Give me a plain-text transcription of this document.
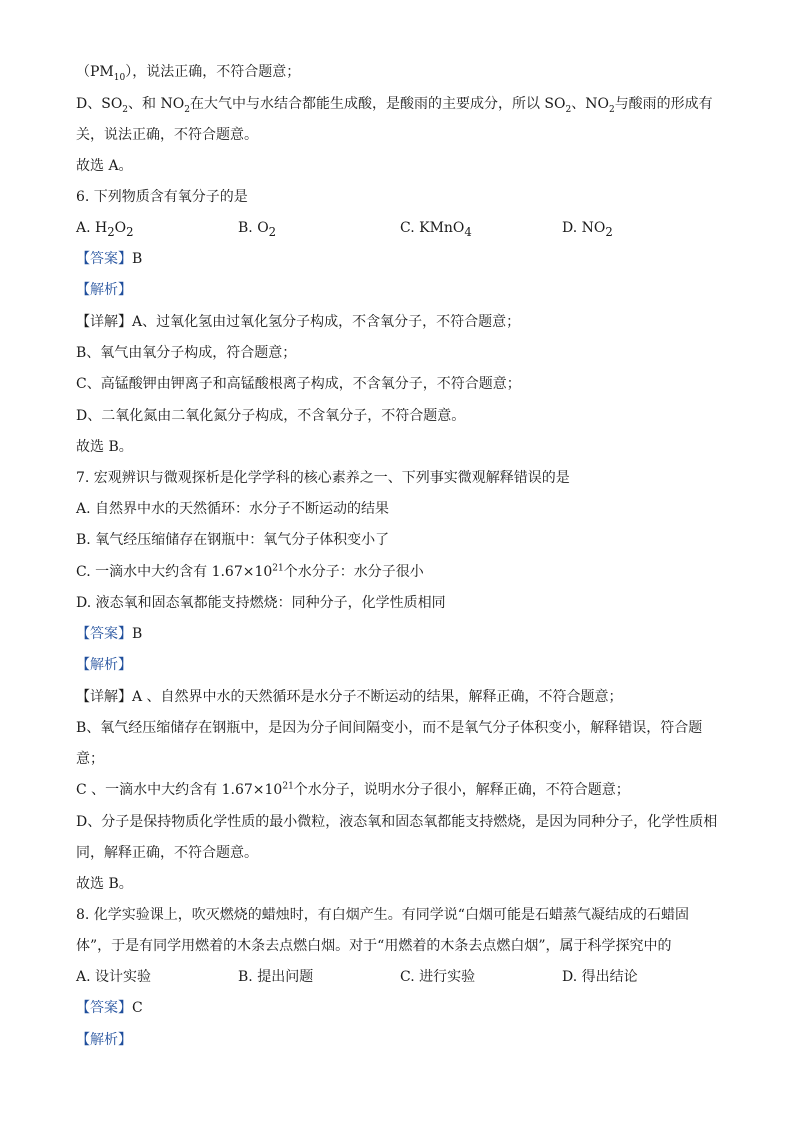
$(PM_{10})$，说法正确，不符合题意；
D、$SO_2$、和 $NO_2$在大气中与水结合都能生成酸，是酸雨的主要成分，所以 $SO_2$、$NO_2$与酸雨的形成有
关，说法正确，不符合题意。
故选 A。
6. 下列物质含有氧分子的是
A. $H_2O_2$	B. $O_2$	C. KMnO$_4$	D. $NO_2$
【答案】B
【解析】
【详解】A、过氧化氢由过氧化氢分子构成，不含氧分子，不符合题意；
B、氧气由氧分子构成，符合题意；
C、高锰酸钾由钾离子和高锰酸根离子构成，不含氧分子，不符合题意；
D、二氧化氮由二氧化氮分子构成，不含氧分子，不符合题意。
故选 B。
7. 宏观辨识与微观探析是化学学科的核心素养之一、下列事实微观解释错误的是
A. 自然界中水的天然循环：水分子不断运动的结果
B. 氧气经压缩储存在钢瓶中：氧气分子体积变小了
C. 一滴水中大约含有 $1.67\times 10^{21}$个水分子：水分子很小
D. 液态氧和固态氧都能支持燃烧：同种分子，化学性质相同
【答案】B
【解析】
【详解】A 、自然界中水的天然循环是水分子不断运动的结果，解释正确，不符合题意；
B、氧气经压缩储存在钢瓶中，是因为分子间间隔变小，而不是氧气分子体积变小，解释错误，符合题
意；
C 、一滴水中大约含有 $1.67\times 10^{21}$个水分子，说明水分子很小，解释正确，不符合题意；
D、分子是保持物质化学性质的最小微粒，液态氧和固态氧都能支持燃烧，是因为同种分子，化学性质相
同，解释正确，不符合题意。
故选 B。
8. 化学实验课上，吹灭燃烧的蜡烛时，有白烟产生。有同学说“白烟可能是石蜡蒸气凝结成的石蜡固
体”，于是有同学用燃着的木条去点燃白烟。对于“用燃着的木条去点燃白烟”，属于科学探究中的
A. 设计实验	B. 提出问题	C. 进行实验	D. 得出结论
【答案】C
【解析】
